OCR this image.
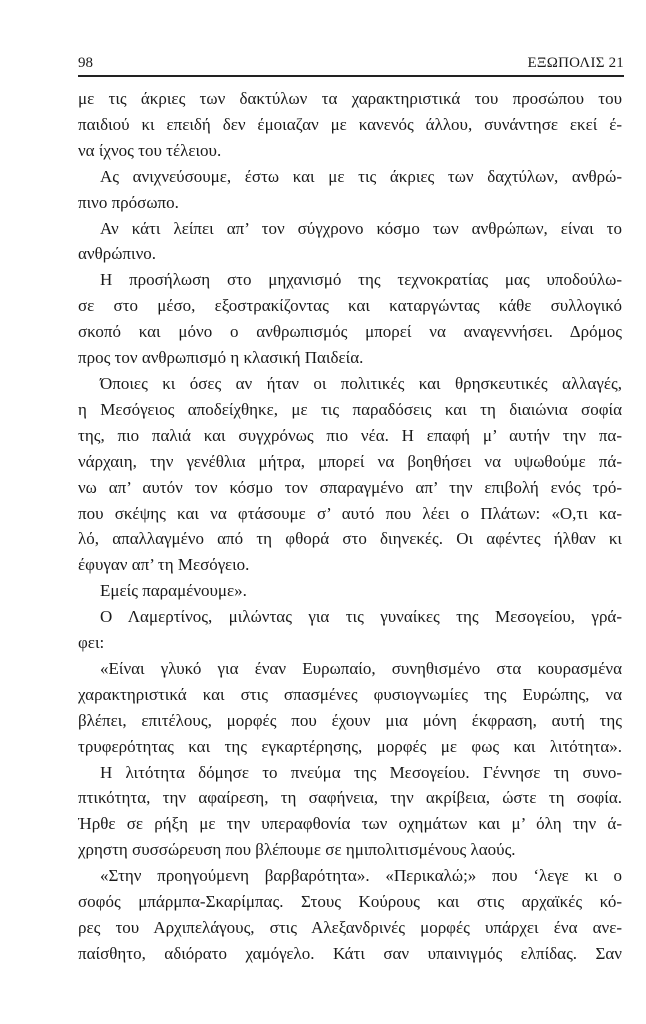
98	ΕΞΩΠΟΛΙΣ 21
με τις άκριες των δακτύλων τα χαρακτηριστικά του προσώπου του
παιδιού κι επειδή δεν έμοιαζαν με κανενός άλλου, συνάντησε εκεί έ-
να ίχνος του τέλειου.
Ας ανιχνεύσουμε, έστω και με τις άκριες των δαχτύλων, ανθρώ-
πινο πρόσωπο.
Αν κάτι λείπει απ’ τον σύγχρονο κόσμο των ανθρώπων, είναι το
ανθρώπινο.
Η προσήλωση στο μηχανισμό της τεχνοκρατίας μας υποδούλω-
σε στο μέσο, εξοστρακίζοντας και καταργώντας κάθε συλλογικό
σκοπό και μόνο ο ανθρωπισμός μπορεί να αναγεννήσει. Δρόμος
προς τον ανθρωπισμό η κλασική Παιδεία.
Όποιες κι όσες αν ήταν οι πολιτικές και θρησκευτικές αλλαγές,
η Μεσόγειος αποδείχθηκε, με τις παραδόσεις και τη διαιώνια σοφία
της, πιο παλιά και συγχρόνως πιο νέα. Η επαφή μ’ αυτήν την πα-
νάρχαιη, την γενέθλια μήτρα, μπορεί να βοηθήσει να υψωθούμε πά-
νω απ’ αυτόν τον κόσμο τον σπαραγμένο απ’ την επιβολή ενός τρό-
που σκέψης και να φτάσουμε σ’ αυτό που λέει ο Πλάτων: «Ο,τι κα-
λό, απαλλαγμένο από τη φθορά στο διηνεκές. Οι αφέντες ήλθαν κι
έφυγαν απ’ τη Μεσόγειο.
Εμείς παραμένουμε».
Ο Λαμερτίνος, μιλώντας για τις γυναίκες της Μεσογείου, γρά-
φει:
«Είναι γλυκό για έναν Ευρωπαίο, συνηθισμένο στα κουρασμένα
χαρακτηριστικά και στις σπασμένες φυσιογνωμίες της Ευρώπης, να
βλέπει, επιτέλους, μορφές που έχουν μια μόνη έκφραση, αυτή της
τρυφερότητας και της εγκαρτέρησης, μορφές με φως και λιτότητα».
Η λιτότητα δόμησε το πνεύμα της Μεσογείου. Γέννησε τη συνο-
πτικότητα, την αφαίρεση, τη σαφήνεια, την ακρίβεια, ώστε τη σοφία.
Ήρθε σε ρήξη με την υπεραφθονία των οχημάτων και μ’ όλη την ά-
χρηστη συσσώρευση που βλέπουμε σε ημιπολιτισμένους λαούς.
«Στην προηγούμενη βαρβαρότητα». «Περικαλώ;» που ‘λεγε κι ο
σοφός μπάρμπα-Σκαρίμπας. Στους Κούρους και στις αρχαϊκές κό-
ρες του Αρχιπελάγους, στις Αλεξανδρινές μορφές υπάρχει ένα ανε-
παίσθητο, αδιόρατο χαμόγελο. Κάτι σαν υπαινιγμός ελπίδας. Σαν
